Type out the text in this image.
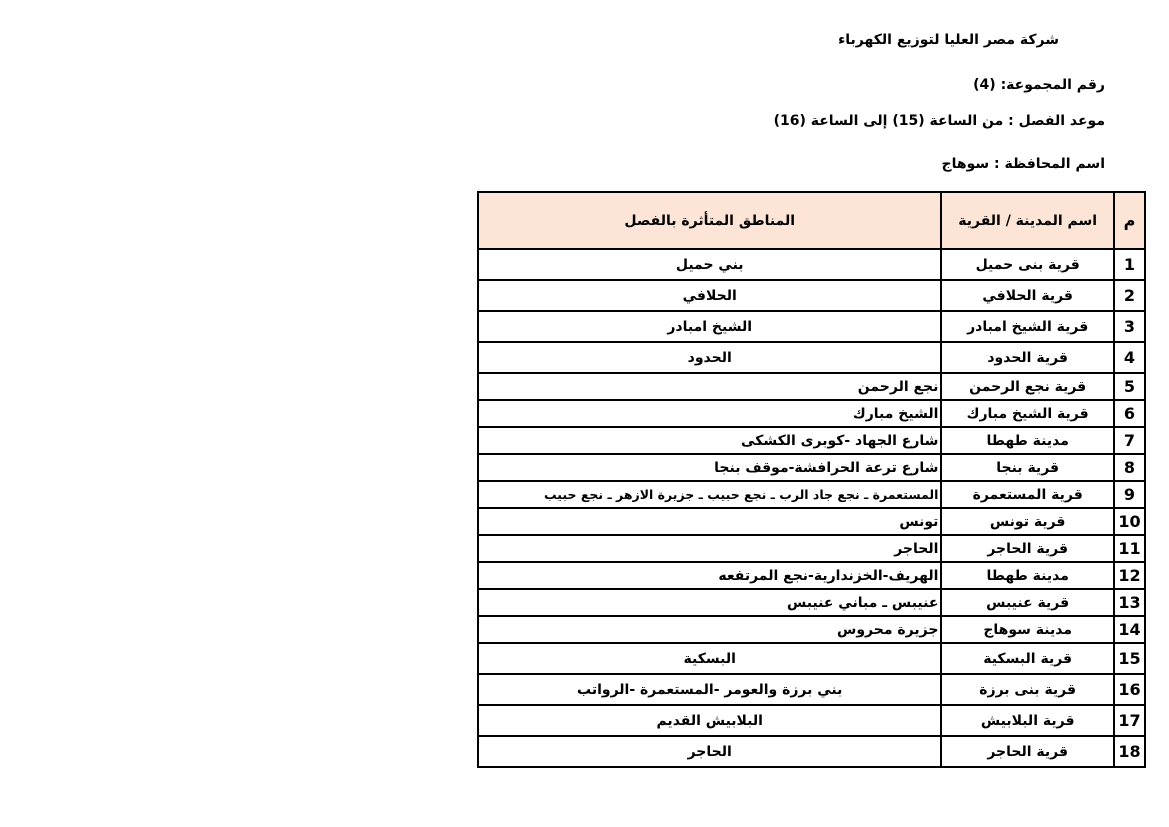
شركة مصر العليا لتوزيع الكهرباء
رقم المجموعة: (4)
موعد الفصل : من الساعة (15) إلى الساعة (16)
اسم المحافظة : سوهاج
م	اسم المدينة / القرية	المناطق المتأثرة بالفصل
1	قرية بنى حميل	بني حميل
2	قرية الحلافي	الحلافي
3	قرية الشيخ امبادر	الشيخ امبادر
4	قرية الحدود	الحدود
5	قرية نجع الرحمن	نجع الرحمن
6	قرية الشيخ مبارك	الشيخ مبارك
7	مدينة طهطا	شارع الجهاد -كوبرى الكشكى
8	قرية بنجا	شارع ترعة الحرافشة-موقف بنجا
9	قرية المستعمرة	المستعمرة ـ نجع جاد الرب ـ نجع حبيب ـ جزيرة الازهر ـ نجع حبيب
10	قرية تونس	تونس
11	قرية الحاجر	الحاجر
12	مدينة طهطا	الهريف-الخزندارية-نجع المرتفعه
13	قرية عنيبس	عنيبس ـ مباني عنيبس
14	مدينة سوهاج	جزيرة محروس
15	قرية البسكية	البسكية
16	قرية بنى برزة	بني برزة والعومر -المستعمرة -الرواتب
17	قرية البلابيش	البلابيش القديم
18	قرية الحاجر	الحاجر
